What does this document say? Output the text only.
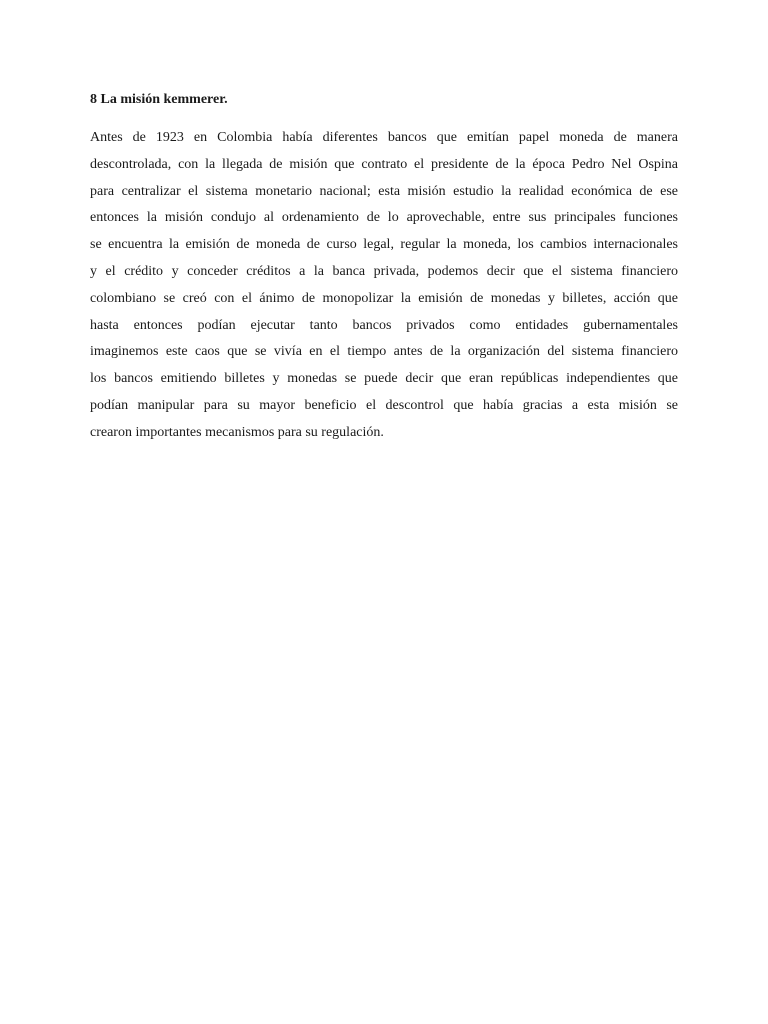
8 La misión kemmerer.

Antes de 1923 en Colombia había diferentes bancos que emitían papel moneda de manera
descontrolada, con la llegada de misión que contrato el presidente de la época Pedro Nel Ospina
para centralizar el sistema monetario nacional; esta misión estudio la realidad económica de ese
entonces la misión condujo al ordenamiento de lo aprovechable, entre sus principales funciones
se encuentra la emisión de moneda de curso legal, regular la moneda, los cambios internacionales
y el crédito y conceder créditos a la banca privada, podemos decir que el sistema financiero
colombiano se creó con el ánimo de monopolizar la emisión de monedas y billetes, acción que
hasta entonces podían ejecutar tanto bancos privados como entidades gubernamentales
imaginemos este caos que se vivía en el tiempo antes de la organización del sistema financiero
los bancos emitiendo billetes y monedas se puede decir que eran repúblicas independientes que
podían manipular para su mayor beneficio el descontrol que había gracias a esta misión se
crearon importantes mecanismos para su regulación.
